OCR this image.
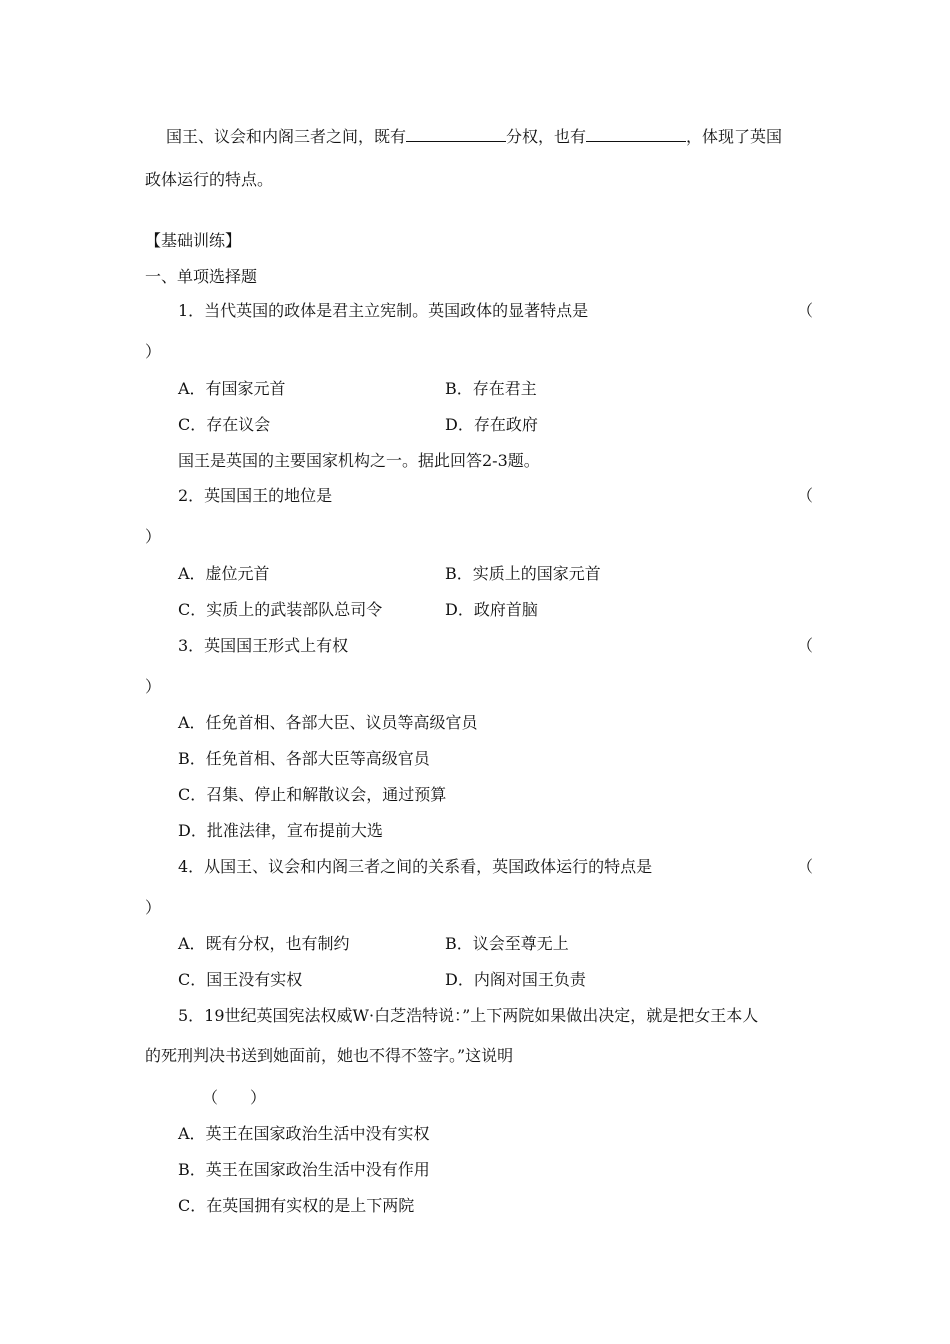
国王、议会和内阁三者之间，既有	分权，也有	，体现了英国
政体运行的特点。
【基础训练】
一、单项选择题
1．当代英国的政体是君主立宪制。英国政体的显著特点是	（
）
A．有国家元首	B．存在君主
C．存在议会	D．存在政府
国王是英国的主要国家机构之一。据此回答2-3题。
2．英国国王的地位是	（
）
A．虚位元首	B．实质上的国家元首
C．实质上的武装部队总司令	D．政府首脑
3．英国国王形式上有权	（
）
A．任免首相、各部大臣、议员等高级官员
B．任免首相、各部大臣等高级官员
C．召集、停止和解散议会，通过预算
D．批准法律，宣布提前大选
4．从国王、议会和内阁三者之间的关系看，英国政体运行的特点是	（
）
A．既有分权，也有制约	B．议会至尊无上
C．国王没有实权	D．内阁对国王负责
5．19世纪英国宪法权威W·白芝浩特说：”上下两院如果做出决定，就是把女王本人
的死刑判决书送到她面前，她也不得不签字。”这说明
（　　）
A．英王在国家政治生活中没有实权
B．英王在国家政治生活中没有作用
C．在英国拥有实权的是上下两院
